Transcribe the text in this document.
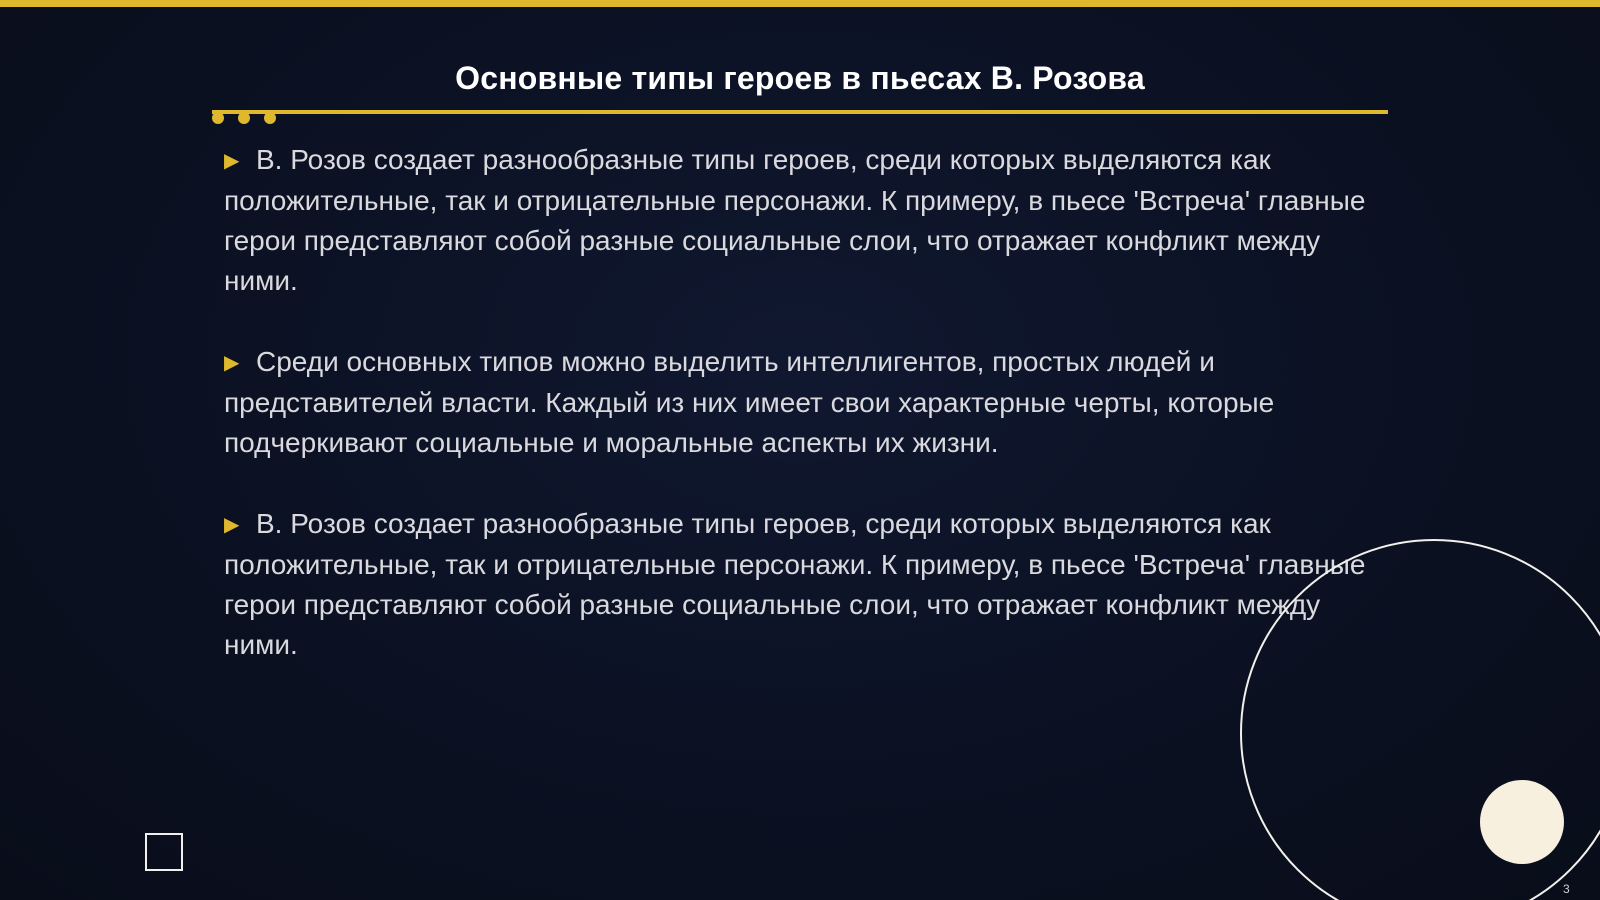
Основные типы героев в пьесах В. Розова

▶ В. Розов создает разнообразные типы героев, среди которых выделяются как положительные, так и отрицательные персонажи. К примеру, в пьесе 'Встреча' главные герои представляют собой разные социальные слои, что отражает конфликт между ними.

▶ Среди основных типов можно выделить интеллигентов, простых людей и представителей власти. Каждый из них имеет свои характерные черты, которые подчеркивают социальные и моральные аспекты их жизни.

▶ В. Розов создает разнообразные типы героев, среди которых выделяются как положительные, так и отрицательные персонажи. К примеру, в пьесе 'Встреча' главные герои представляют собой разные социальные слои, что отражает конфликт между ними.

3
